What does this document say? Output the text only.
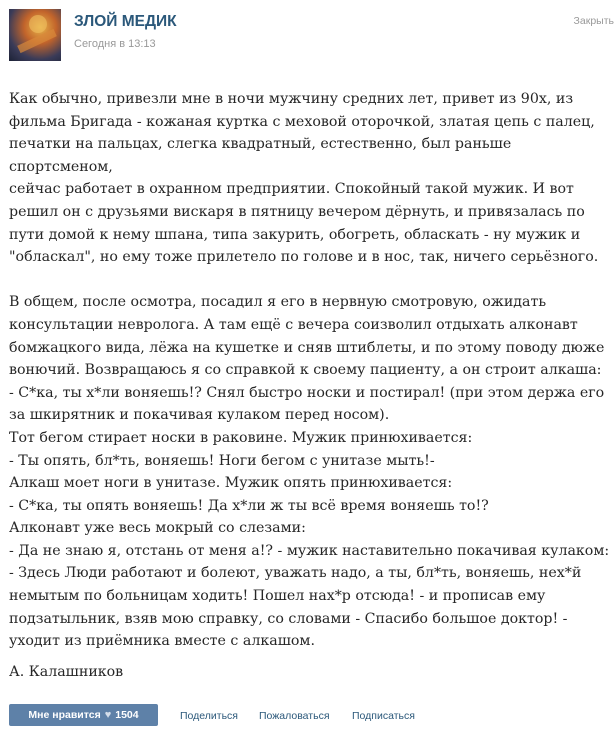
ЗЛОЙ МЕДИК
Сегодня в 13:13
Закрыть

Как обычно, привезли мне в ночи мужчину средних лет, привет из 90х, из
фильма Бригада - кожаная куртка с меховой оторочкой, златая цепь с палец,
печатки на пальцах, слегка квадратный, естественно, был раньше спортсменом,
сейчас работает в охранном предприятии. Спокойный такой мужик. И вот
решил он с друзьями вискаря в пятницу вечером дёрнуть, и привязалась по
пути домой к нему шпана, типа закурить, обогреть, обласкать - ну мужик и
"обласкал", но ему тоже прилетело по голове и в нос, так, ничего серьёзного.

В общем, после осмотра, посадил я его в нервную смотровую, ожидать
консультации невролога. А там ещё с вечера соизволил отдыхать алконавт
бомжацкого вида, лёжа на кушетке и сняв штиблеты, и по этому поводу дюже
вонючий. Возвращаюсь я со справкой к своему пациенту, а он строит алкаша:
- С*ка, ты х*ли воняешь!? Снял быстро носки и постирал! (при этом держа его
за шкирятник и покачивая кулаком перед носом).
Тот бегом стирает носки в раковине. Мужик принюхивается:
- Ты опять, бл*ть, воняешь! Ноги бегом с унитазе мыть!-
Алкаш моет ноги в унитазе. Мужик опять принюхивается:
- С*ка, ты опять воняешь! Да х*ли ж ты всё время воняешь то!?
Алконавт уже весь мокрый со слезами:
- Да не знаю я, отстань от меня а!? - мужик наставительно покачивая кулаком:
- Здесь Люди работают и болеют, уважать надо, а ты, бл*ть, воняешь, нех*й
немытым по больницам ходить! Пошел нах*р отсюда! - и прописав ему
подзатыльник, взяв мою справку, со словами - Спасибо большое доктор! -
уходит из приёмника вместе с алкашом.

А. Калашников
Мне нравится ♥ 1504	Поделиться Пожаловаться Подписаться
